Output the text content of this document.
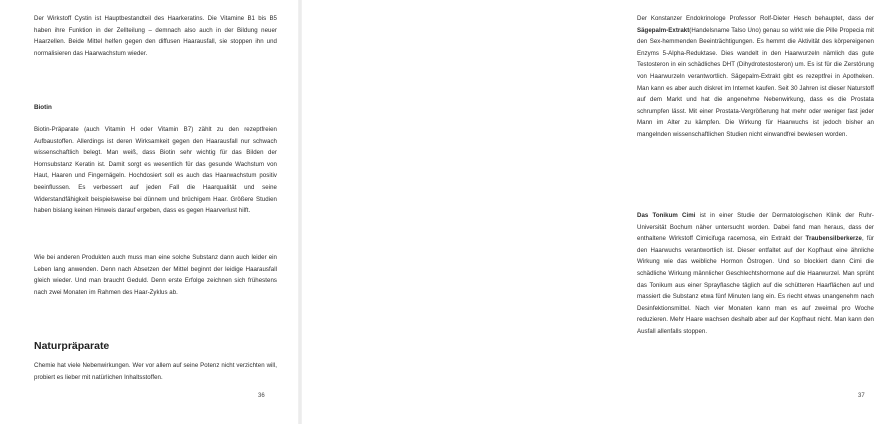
Der Wirkstoff Cystin ist Hauptbestandteil des Haarkeratins. Die Vitamine B1 bis B5 haben ihre Funktion in der Zellteilung – demnach also auch in der Bildung neuer Haarzellen. Beide Mittel helfen gegen den diffusen Haarausfall, sie stoppen ihn und normalisieren das Haarwachstum wieder.

Biotin

Biotin-Präparate (auch Vitamin H oder Vitamin B7) zählt zu den rezeptfreien Aufbaustoffen. Allerdings ist deren Wirksamkeit gegen den Haarausfall nur schwach wissenschaftlich belegt. Man weiß, dass Biotin sehr wichtig für das Bilden der Hornsubstanz Keratin ist. Damit sorgt es wesentlich für das gesunde Wachstum von Haut, Haaren und Fingernägeln. Hochdosiert soll es auch das Haarwachstum positiv beeinflussen. Es verbessert auf jeden Fall die Haarqualität und seine Widerstandfähigkeit beispielsweise bei dünnem und brüchigem Haar. Größere Studien haben bislang keinen Hinweis darauf ergeben, dass es gegen Haarverlust hilft.

Wie bei anderen Produkten auch muss man eine solche Substanz dann auch leider ein Leben lang anwenden. Denn nach Absetzen der Mittel beginnt der leidige Haarausfall gleich wieder. Und man braucht Geduld. Denn erste Erfolge zeichnen sich frühestens nach zwei Monaten im Rahmen des Haar-Zyklus ab.

Naturpräparate

Chemie hat viele Nebenwirkungen. Wer vor allem auf seine Potenz nicht verzichten will, probiert es lieber mit natürlichen Inhaltsstoffen.

36

Der Konstanzer Endokrinologe Professor Rolf-Dieter Hesch behauptet, dass der Sägepalm-Extrakt(Handelsname Talso Uno) genau so wirkt wie die Pille Propecia mit den Sex-hemmenden Beeinträchtigungen. Es hemmt die Aktivität des körpereigenen Enzyms 5-Alpha-Reduktase. Dies wandelt in den Haarwurzeln nämlich das gute Testosteron in ein schädliches DHT (Dihydrotestosteron) um. Es ist für die Zerstörung von Haarwurzeln verantwortlich. Sägepalm-Extrakt gibt es rezeptfrei in Apotheken. Man kann es aber auch diskret im Internet kaufen. Seit 30 Jahren ist dieser Naturstoff auf dem Markt und hat die angenehme Nebenwirkung, dass es die Prostata schrumpfen lässt. Mit einer Prostata-Vergrößerung hat mehr oder weniger fast jeder Mann im Alter zu kämpfen. Die Wirkung für Haarwuchs ist jedoch bisher an mangelnden wissenschaftlichen Studien nicht einwandfrei bewiesen worden.

Das Tonikum Cimi ist in einer Studie der Dermatologischen Klinik der Ruhr-Universität Bochum näher untersucht worden. Dabei fand man heraus, dass der enthaltene Wirkstoff Cimicifuga racemosa, ein Extrakt der Traubensilberkerze, für den Haarwuchs verantwortlich ist. Dieser entfaltet auf der Kopfhaut eine ähnliche Wirkung wie das weibliche Hormon Östrogen. Und so blockiert dann Cimi die schädliche Wirkung männlicher Geschlechtshormone auf die Haarwurzel. Man sprüht das Tonikum aus einer Sprayflasche täglich auf die schütteren Haarflächen auf und massiert die Substanz etwa fünf Minuten lang ein. Es riecht etwas unangenehm nach Desinfektionsmittel. Nach vier Monaten kann man es auf zweimal pro Woche reduzieren. Mehr Haare wachsen deshalb aber auf der Kopfhaut nicht. Man kann den Ausfall allenfalls stoppen.

37
